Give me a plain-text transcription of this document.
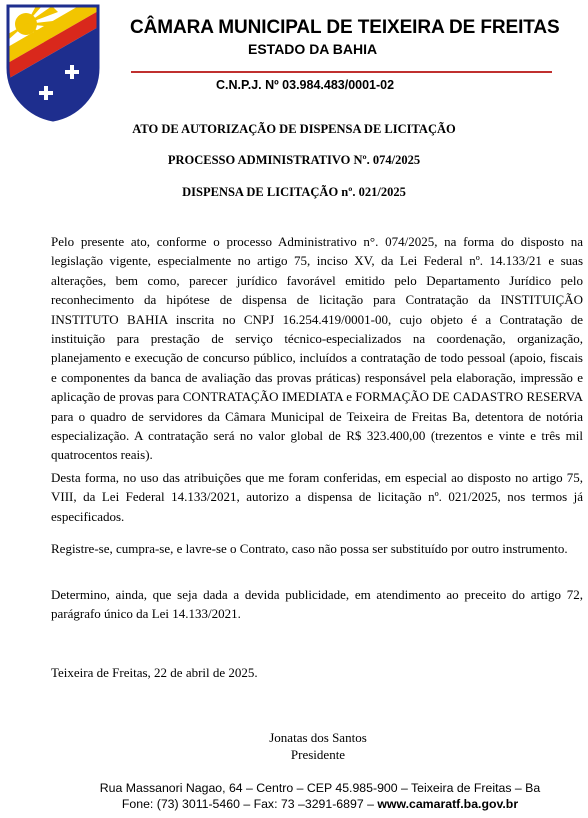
CÂMARA MUNICIPAL DE TEIXEIRA DE FREITAS
ESTADO DA BAHIA
C.N.P.J. Nº 03.984.483/0001-02
ATO DE AUTORIZAÇÃO DE DISPENSA DE LICITAÇÃO
PROCESSO ADMINISTRATIVO Nº. 074/2025
DISPENSA DE LICITAÇÃO nº. 021/2025
Pelo presente ato, conforme o processo Administrativo n°. 074/2025, na forma do disposto na legislação vigente, especialmente no artigo 75, inciso XV, da Lei Federal nº. 14.133/21 e suas alterações, bem como, parecer jurídico favorável emitido pelo Departamento Jurídico pelo reconhecimento da hipótese de dispensa de licitação para Contratação da INSTITUIÇÃO INSTITUTO BAHIA inscrita no CNPJ 16.254.419/0001-00, cujo objeto é a Contratação de instituição para prestação de serviço técnico-especializados na coordenação, organização, planejamento e execução de concurso público, incluídos a contratação de todo pessoal (apoio, fiscais e componentes da banca de avaliação das provas práticas) responsável pela elaboração, impressão e aplicação de provas para CONTRATAÇÃO IMEDIATA e FORMAÇÃO DE CADASTRO RESERVA para o quadro de servidores da Câmara Municipal de Teixeira de Freitas Ba, detentora de notória especialização. A contratação será no valor global de R$ 323.400,00 (trezentos e vinte e três mil quatrocentos reais).
Desta forma, no uso das atribuições que me foram conferidas, em especial ao disposto no artigo 75, VIII, da Lei Federal 14.133/2021, autorizo a dispensa de licitação nº. 021/2025, nos termos já especificados.
Registre-se, cumpra-se, e lavre-se o Contrato, caso não possa ser substituído por outro instrumento.
Determino, ainda, que seja dada a devida publicidade, em atendimento ao preceito do artigo 72, parágrafo único da Lei 14.133/2021.
Teixeira de Freitas, 22 de abril de 2025.
Jonatas dos Santos
Presidente
Rua Massanori Nagao, 64 – Centro – CEP 45.985-900 – Teixeira de Freitas – Ba
Fone: (73) 3011-5460 – Fax: 73 –3291-6897 – www.camaratf.ba.gov.br
